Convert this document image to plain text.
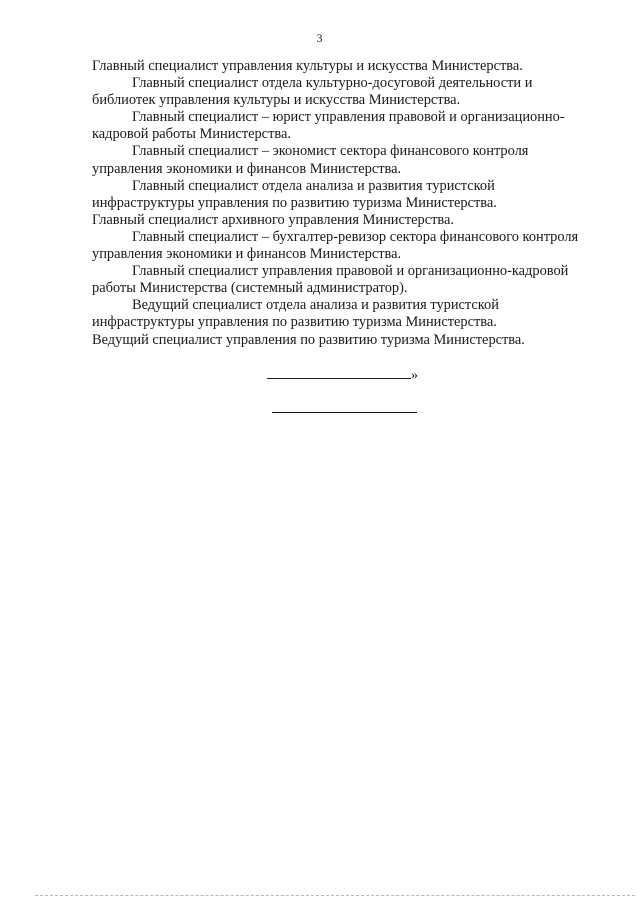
3

Главный специалист управления культуры и искусства Министерства.

Главный специалист отдела культурно-досуговой деятельности и
библиотек управления культуры и искусства Министерства.

Главный специалист – юрист управления правовой и организационно-
кадровой работы Министерства.

Главный специалист – экономист сектора финансового контроля
управления экономики и финансов Министерства.

Главный специалист отдела анализа и развития туристской
инфраструктуры управления по развитию туризма Министерства.

Главный специалист архивного управления Министерства.

Главный специалист – бухгалтер-ревизор сектора финансового контроля
управления экономики и финансов Министерства.

Главный специалист управления правовой и организационно-кадровой
работы Министерства (системный администратор).

Ведущий специалист отдела анализа и развития туристской
инфраструктуры управления по развитию туризма Министерства.

Ведущий специалист управления по развитию туризма Министерства.

»
